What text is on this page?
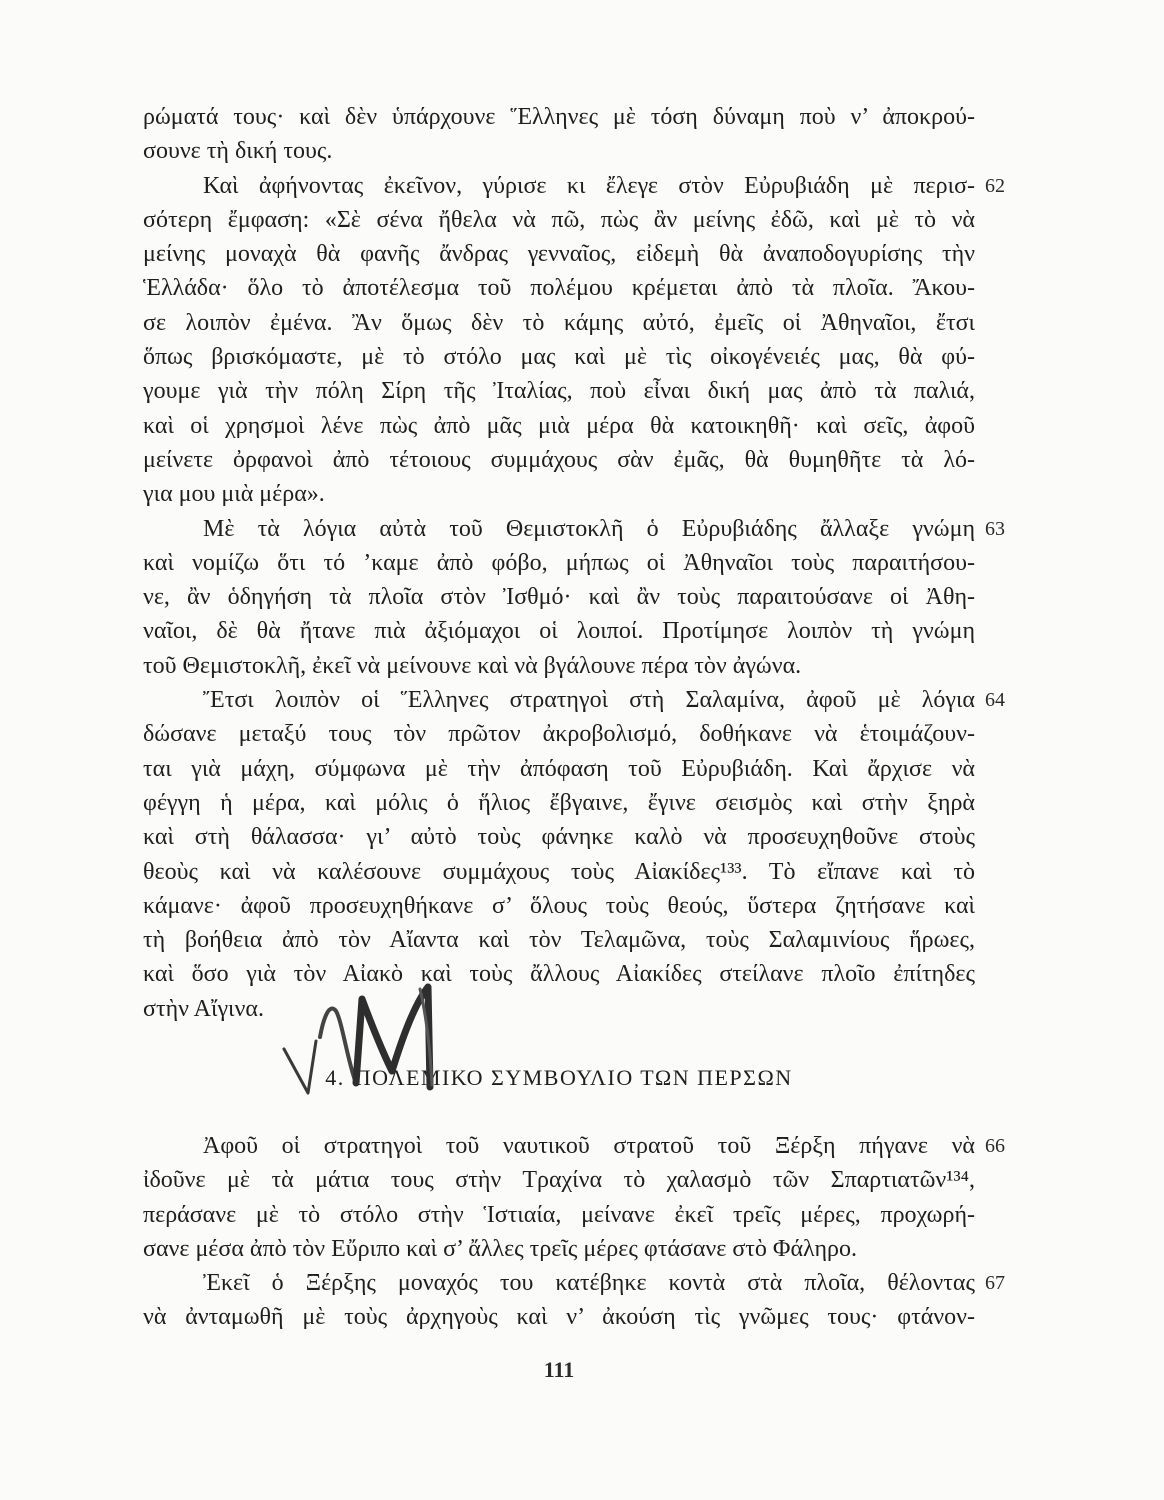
ρώματά τους· καὶ δὲν ὑπάρχουνε Ἕλληνες μὲ τόση δύναμη ποὺ ν’ ἀποκρού-
σουνε τὴ δική τους.
62
Καὶ ἀφήνοντας ἐκεῖνον, γύρισε κι ἔλεγε στὸν Εὐρυβιάδη μὲ περισ-
σότερη ἔμφαση: «Σὲ σένα ἤθελα νὰ πῶ, πὼς ἂν μείνης ἐδῶ, καὶ μὲ τὸ νὰ
μείνης μοναχὰ θὰ φανῆς ἄνδρας γενναῖος, εἰδεμὴ θὰ ἀναποδογυρίσης τὴν
Ἑλλάδα· ὅλο τὸ ἀποτέλεσμα τοῦ πολέμου κρέμεται ἀπὸ τὰ πλοῖα. Ἄκου-
σε λοιπὸν ἐμένα. Ἂν ὅμως δὲν τὸ κάμης αὐτό, ἐμεῖς οἱ Ἀθηναῖοι, ἔτσι
ὅπως βρισκόμαστε, μὲ τὸ στόλο μας καὶ μὲ τὶς οἰκογένειές μας, θὰ φύ-
γουμε γιὰ τὴν πόλη Σίρη τῆς Ἰταλίας, ποὺ εἶναι δική μας ἀπὸ τὰ παλιά,
καὶ οἱ χρησμοὶ λένε πὼς ἀπὸ μᾶς μιὰ μέρα θὰ κατοικηθῆ· καὶ σεῖς, ἀφοῦ
μείνετε ὀρφανοὶ ἀπὸ τέτοιους συμμάχους σὰν ἐμᾶς, θὰ θυμηθῆτε τὰ λό-
για μου μιὰ μέρα».
63
Μὲ τὰ λόγια αὐτὰ τοῦ Θεμιστοκλῆ ὁ Εὐρυβιάδης ἄλλαξε γνώμη
καὶ νομίζω ὅτι τό ’καμε ἀπὸ φόβο, μήπως οἱ Ἀθηναῖοι τοὺς παραιτήσου-
νε, ἂν ὁδηγήση τὰ πλοῖα στὸν Ἰσθμό· καὶ ἂν τοὺς παραιτούσανε οἱ Ἀθη-
ναῖοι, δὲ θὰ ἤτανε πιὰ ἀξιόμαχοι οἱ λοιποί. Προτίμησε λοιπὸν τὴ γνώμη
τοῦ Θεμιστοκλῆ, ἐκεῖ νὰ μείνουνε καὶ νὰ βγάλουνε πέρα τὸν ἀγώνα.
64
Ἔτσι λοιπὸν οἱ Ἕλληνες στρατηγοὶ στὴ Σαλαμίνα, ἀφοῦ μὲ λόγια
δώσανε μεταξύ τους τὸν πρῶτον ἀκροβολισμό, δοθήκανε νὰ ἑτοιμάζουν-
ται γιὰ μάχη, σύμφωνα μὲ τὴν ἀπόφαση τοῦ Εὐρυβιάδη. Καὶ ἄρχισε νὰ
φέγγη ἡ μέρα, καὶ μόλις ὁ ἥλιος ἔβγαινε, ἔγινε σεισμὸς καὶ στὴν ξηρὰ
καὶ στὴ θάλασσα· γι’ αὐτὸ τοὺς φάνηκε καλὸ νὰ προσευχηθοῦνε στοὺς
θεοὺς καὶ νὰ καλέσουνε συμμάχους τοὺς Αἰακίδες¹³³. Τὸ εἴπανε καὶ τὸ
κάμανε· ἀφοῦ προσευχηθήκανε σ’ ὅλους τοὺς θεούς, ὕστερα ζητήσανε καὶ
τὴ βοήθεια ἀπὸ τὸν Αἴαντα καὶ τὸν Τελαμῶνα, τοὺς Σαλαμινίους ἥρωες,
καὶ ὅσο γιὰ τὸν Αἰακὸ καὶ τοὺς ἄλλους Αἰακίδες στείλανε πλοῖο ἐπίτηδες
στὴν Αἴγινα.
4. ΠΟΛΕΜΙΚΟ ΣΥΜΒΟΥΛΙΟ ΤΩΝ ΠΕΡΣΩΝ
66
Ἀφοῦ οἱ στρατηγοὶ τοῦ ναυτικοῦ στρατοῦ τοῦ Ξέρξη πήγανε νὰ
ἰδοῦνε μὲ τὰ μάτια τους στὴν Τραχίνα τὸ χαλασμὸ τῶν Σπαρτιατῶν¹³⁴,
περάσανε μὲ τὸ στόλο στὴν Ἱστιαία, μείνανε ἐκεῖ τρεῖς μέρες, προχωρή-
σανε μέσα ἀπὸ τὸν Εὔριπο καὶ σ’ ἄλλες τρεῖς μέρες φτάσανε στὸ Φάληρο.
67
Ἐκεῖ ὁ Ξέρξης μοναχός του κατέβηκε κοντὰ στὰ πλοῖα, θέλοντας
νὰ ἀνταμωθῆ μὲ τοὺς ἀρχηγοὺς καὶ ν’ ἀκούση τὶς γνῶμες τους· φτάνον-
111
